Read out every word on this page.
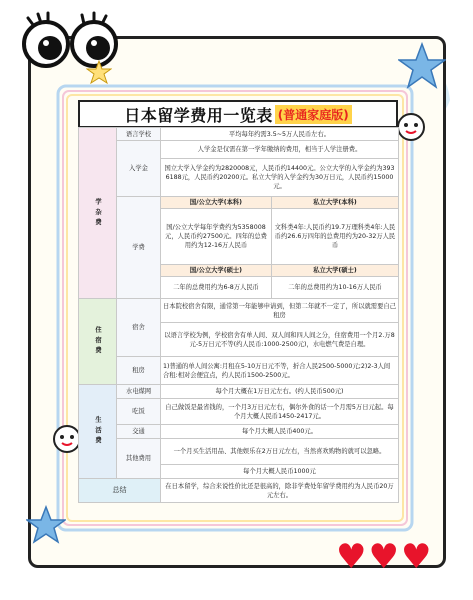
日本留学费用一览表 (普通家庭版)
学杂费	语言学校	平均每年约需3.5~5万人民币左右。	
	入学金	人学金是仅需在第一学年缴纳的费用，相当于人学注册费。	
		国立大学入学金约为2820008元，人民币约14400元。公立大学的入学金约为3936188元，人民币约20200元。私立大学的入学金约为30万日元，人民币约15000元。	
	学费	国/公立大学(本科)	私立大学(本科)
		国/公立大学每年学费约为5358008元，人民币约27500元。四年的总费用约为12-16万人民币	文科类4年:人民币约19.7万理科类4年:人民币约26.6万四年的总费用约为20-32万人民币
		国/公立大学(硕士)	私立大学(硕士)
		二年的总费用约为6-8万人民币	二年的总费用约为10-16万人民币
住宿费	宿舍	日本院校宿舍有限，通常第一年能够申请到，但第二年就不一定了，所以就需要自己租房	
		以语言学校为例，学校宿舍有单人间、双人间和四人间之分，住宿费用一个月2.万8元-5万日元不等(约人民币:1000-2500元)，水电燃气费是自理。	
	租房	1)普通的单人间公寓:月租在5-10万日元不等，折合人民2500-5000元;2)2-3人间合租:相对会便宜点，约人民币1500-2500元。	
生活费	水电煤网	每个月大概在1万日元左右。(约人民币500元)	
	吃饭	自己做饭是最省钱的，一个月3万日元左右，偶尔外食的话一个月需5万日元起。每个月大概人民币1450-2417元。	
	交通	每个月大概人民币400元。	
	其他费用	一个月买生活用品、其他娱乐在2万日元左右，当然喜欢购物的就可以忽略。	
		每个月大概人民币1000元	

总结		在日本留学，综合来说性价比还是很高的，除非学费处年留学费用约为人民币20万元左右。	
♥ ♥ ♥
